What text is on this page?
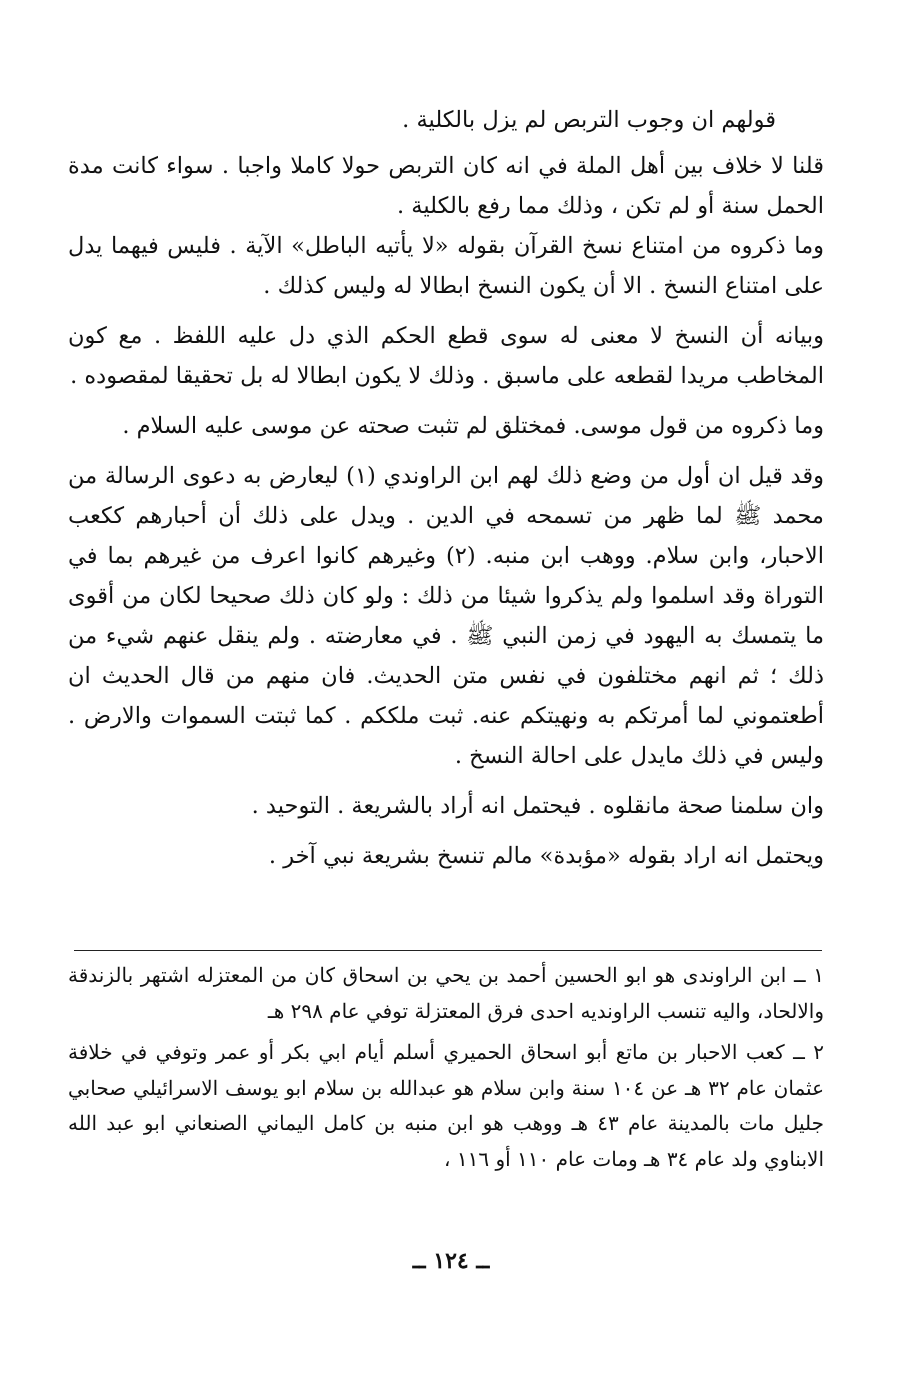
قولهم ان وجوب التربص لم يزل بالكلية .

قلنا لا خلاف بين أهل الملة في انه كان التربص حولا كاملا واجبا . سواء كانت مدة الحمل سنة أو لم تكن ، وذلك مما رفع بالكلية .

وما ذكروه من امتناع نسخ القرآن بقوله «لا يأتيه الباطل» الآية . فليس فيهما يدل على امتناع النسخ . الا أن يكون النسخ ابطالا له وليس كذلك .

وبيانه أن النسخ لا معنى له سوى قطع الحكم الذي دل عليه اللفظ . مع كون المخاطب مريدا لقطعه على ماسبق . وذلك لا يكون ابطالا له بل تحقيقا لمقصوده .

وما ذكروه من قول موسى. فمختلق لم تثبت صحته عن موسى عليه السلام .

وقد قيل ان أول من وضع ذلك لهم ابن الراوندي (١) ليعارض به دعوى الرسالة من محمد ﷺ لما ظهر من تسمحه في الدين . ويدل على ذلك أن أحبارهم ككعب الاحبار، وابن سلام. ووهب ابن منبه. (٢) وغيرهم كانوا اعرف من غيرهم بما في التوراة وقد اسلموا ولم يذكروا شيئا من ذلك : ولو كان ذلك صحيحا لكان من أقوى ما يتمسك به اليهود في زمن النبي ﷺ . في معارضته . ولم ينقل عنهم شيء من ذلك ؛ ثم انهم مختلفون في نفس متن الحديث. فان منهم من قال الحديث ان أطعتموني لما أمرتكم به ونهيتكم عنه. ثبت ملككم . كما ثبتت السموات والارض . وليس في ذلك مايدل على احالة النسخ .

وان سلمنا صحة مانقلوه . فيحتمل انه أراد بالشريعة . التوحيد .

ويحتمل انه اراد بقوله «مؤبدة» مالم تنسخ بشريعة نبي آخر .

١ ــ ابن الراوندى هو ابو الحسين أحمد بن يحي بن اسحاق كان من المعتزله اشتهر بالزندقة والالحاد، واليه تنسب الراونديه احدى فرق المعتزلة توفي عام ٢٩٨ هـ

٢ ــ كعب الاحبار بن ماتع أبو اسحاق الحميري أسلم أيام ابي بكر أو عمر وتوفي في خلافة عثمان عام ٣٢ هـ عن ١٠٤ سنة وابن سلام هو عبدالله بن سلام ابو يوسف الاسرائيلي صحابي جليل مات بالمدينة عام ٤٣ هـ ووهب هو ابن منبه بن كامل اليماني الصنعاني ابو عبد الله الابناوي ولد عام ٣٤ هـ ومات عام ١١٠ أو ١١٦ ،

ــ ١٢٤ ــ
